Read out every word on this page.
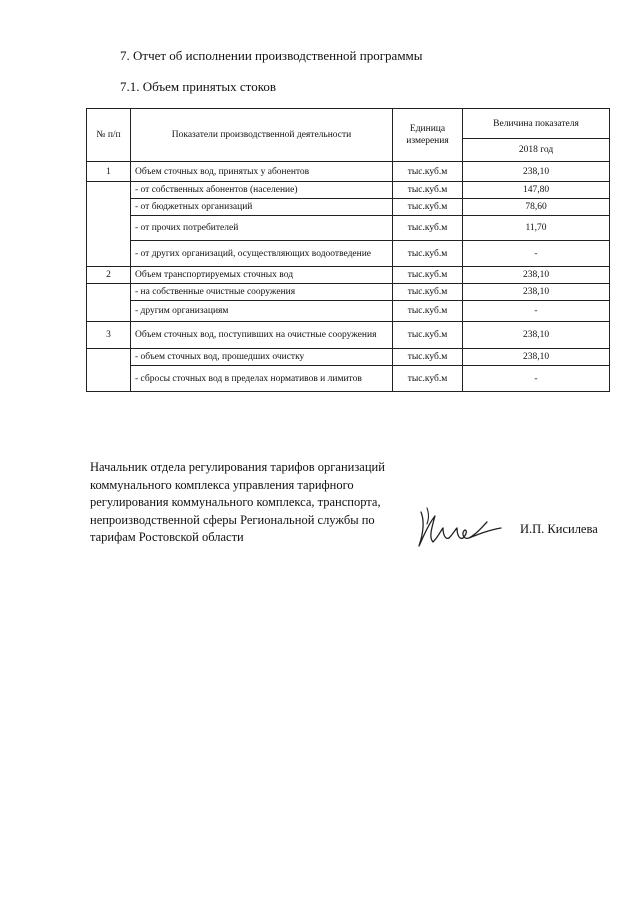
7. Отчет об исполнении производственной программы
7.1. Объем принятых стоков
№ п/п	Показатели производственной деятельности	Единица измерения	Величина показателя
			2018 год
1	Объем сточных вод, принятых у абонентов	тыс.куб.м	238,10
	- от собственных абонентов (население)	тыс.куб.м	147,80
	- от бюджетных организаций	тыс.куб.м	78,60
	- от прочих потребителей	тыс.куб.м	11,70
	- от других организаций, осуществляющих водоотведение	тыс.куб.м	-
2	Объем транспортируемых сточных вод	тыс.куб.м	238,10
	- на собственные очистные сооружения	тыс.куб.м	238,10
	- другим организациям	тыс.куб.м	-
3	Объем сточных вод, поступивших на очистные сооружения	тыс.куб.м	238,10
	- объем сточных вод, прошедших очистку	тыс.куб.м	238,10
	- сбросы сточных вод в пределах нормативов и лимитов	тыс.куб.м	-
Начальник отдела регулирования тарифов организаций коммунального комплекса управления тарифного регулирования коммунального комплекса, транспорта, непроизводственной сферы Региональной службы по тарифам Ростовской области
И.П. Кисилева
